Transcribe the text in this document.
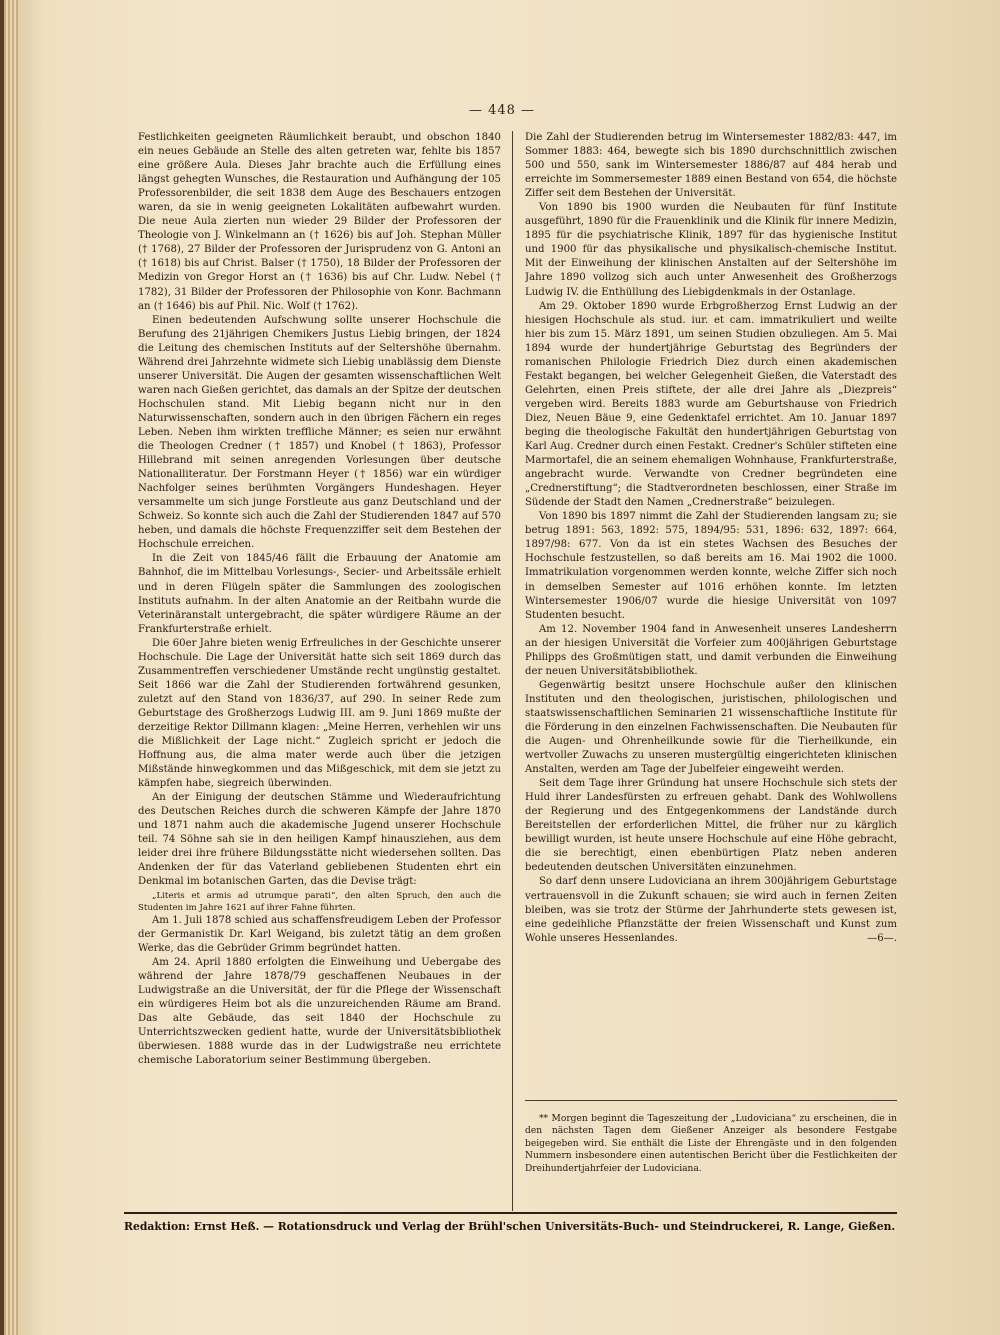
— 448 —

Festlichkeiten geeigneten Räumlichkeit beraubt, und obschon 1840 ein neues Gebäude an Stelle des alten getreten war, fehlte bis 1857 eine größere Aula. Dieses Jahr brachte auch die Erfüllung eines längst gehegten Wunsches, die Restauration und Aufhängung der 105 Professorenbilder, die seit 1838 dem Auge des Beschauers entzogen waren, da sie in wenig geeigneten Lokalitäten aufbewahrt wurden. Die neue Aula zierten nun wieder 29 Bilder der Professoren der Theologie von J. Winkelmann an († 1626) bis auf Joh. Stephan Müller († 1768), 27 Bilder der Professoren der Jurisprudenz von G. Antoni an († 1618) bis auf Christ. Balser († 1750), 18 Bilder der Professoren der Medizin von Gregor Horst an († 1636) bis auf Chr. Ludw. Nebel († 1782), 31 Bilder der Professoren der Philosophie von Konr. Bachmann an († 1646) bis auf Phil. Nic. Wolf († 1762).

Einen bedeutenden Aufschwung sollte unserer Hochschule die Berufung des 21jährigen Chemikers Justus Liebig bringen, der 1824 die Leitung des chemischen Instituts auf der Seltershöhe übernahm. Während drei Jahrzehnte widmete sich Liebig unablässig dem Dienste unserer Universität. Die Augen der gesamten wissenschaftlichen Welt waren nach Gießen gerichtet, das damals an der Spitze der deutschen Hochschulen stand. Mit Liebig begann nicht nur in den Naturwissenschaften, sondern auch in den übrigen Fächern ein reges Leben. Neben ihm wirkten treffliche Männer; es seien nur erwähnt die Theologen Credner († 1857) und Knobel († 1863), Professor Hillebrand mit seinen anregenden Vorlesungen über deutsche Nationalliteratur. Der Forstmann Heyer († 1856) war ein würdiger Nachfolger seines berühmten Vorgängers Hundeshagen. Heyer versammelte um sich junge Forstleute aus ganz Deutschland und der Schweiz. So konnte sich auch die Zahl der Studierenden 1847 auf 570 heben, und damals die höchste Frequenzziffer seit dem Bestehen der Hochschule erreichen.

In die Zeit von 1845/46 fällt die Erbauung der Anatomie am Bahnhof, die im Mittelbau Vorlesungs-, Secier- und Arbeitssäle erhielt und in deren Flügeln später die Sammlungen des zoologischen Instituts aufnahm. In der alten Anatomie an der Reitbahn wurde die Veterinäranstalt untergebracht, die später würdigere Räume an der Frankfurterstraße erhielt.

Die 60er Jahre bieten wenig Erfreuliches in der Geschichte unserer Hochschule. Die Lage der Universität hatte sich seit 1869 durch das Zusammentreffen verschiedener Umstände recht ungünstig gestaltet. Seit 1866 war die Zahl der Studierenden fortwährend gesunken, zuletzt auf den Stand von 1836/37, auf 290. In seiner Rede zum Geburtstage des Großherzogs Ludwig III. am 9. Juni 1869 mußte der derzeitige Rektor Dillmann klagen: „Meine Herren, verhehlen wir uns die Mißlichkeit der Lage nicht.“ Zugleich spricht er jedoch die Hoffnung aus, die alma mater werde auch über die jetzigen Mißstände hinwegkommen und das Mißgeschick, mit dem sie jetzt zu kämpfen habe, siegreich überwinden.

An der Einigung der deutschen Stämme und Wiederaufrichtung des Deutschen Reiches durch die schweren Kämpfe der Jahre 1870 und 1871 nahm auch die akademische Jugend unserer Hochschule teil. 74 Söhne sah sie in den heiligen Kampf hinausziehen, aus dem leider drei ihre frühere Bildungsstätte nicht wiedersehen sollten. Das Andenken der für das Vaterland gebliebenen Studenten ehrt ein Denkmal im botanischen Garten, das die Devise trägt:

„Literis et armis ad utrumque parati“, den alten Spruch, den auch die Studenten im Jahre 1621 auf ihrer Fahne führten.

Am 1. Juli 1878 schied aus schaffensfreudigem Leben der Professor der Germanistik Dr. Karl Weigand, bis zuletzt tätig an dem großen Werke, das die Gebrüder Grimm begründet hatten.

Am 24. April 1880 erfolgten die Einweihung und Uebergabe des während der Jahre 1878/79 geschaffenen Neubaues in der Ludwigstraße an die Universität, der für die Pflege der Wissenschaft ein würdigeres Heim bot als die unzureichenden Räume am Brand. Das alte Gebäude, das seit 1840 der Hochschule zu Unterrichtszwecken gedient hatte, wurde der Universitätsbibliothek überwiesen. 1888 wurde das in der Ludwigstraße neu errichtete chemische Laboratorium seiner Bestimmung übergeben.

Die Zahl der Studierenden betrug im Wintersemester 1882/83: 447, im Sommer 1883: 464, bewegte sich bis 1890 durchschnittlich zwischen 500 und 550, sank im Wintersemester 1886/87 auf 484 herab und erreichte im Sommersemester 1889 einen Bestand von 654, die höchste Ziffer seit dem Bestehen der Universität.

Von 1890 bis 1900 wurden die Neubauten für fünf Institute ausgeführt, 1890 für die Frauenklinik und die Klinik für innere Medizin, 1895 für die psychiatrische Klinik, 1897 für das hygienische Institut und 1900 für das physikalische und physikalisch-chemische Institut. Mit der Einweihung der klinischen Anstalten auf der Seltershöhe im Jahre 1890 vollzog sich auch unter Anwesenheit des Großherzogs Ludwig IV. die Enthüllung des Liebigdenkmals in der Ostanlage.

Am 29. Oktober 1890 wurde Erbgroßherzog Ernst Ludwig an der hiesigen Hochschule als stud. iur. et cam. immatrikuliert und weilte hier bis zum 15. März 1891, um seinen Studien obzuliegen. Am 5. Mai 1894 wurde der hundertjährige Geburtstag des Begründers der romanischen Philologie Friedrich Diez durch einen akademischen Festakt begangen, bei welcher Gelegenheit Gießen, die Vaterstadt des Gelehrten, einen Preis stiftete, der alle drei Jahre als „Diezpreis“ vergeben wird. Bereits 1883 wurde am Geburtshause von Friedrich Diez, Neuen Bäue 9, eine Gedenktafel errichtet. Am 10. Januar 1897 beging die theologische Fakultät den hundertjährigen Geburtstag von Karl Aug. Credner durch einen Festakt. Credner's Schüler stifteten eine Marmortafel, die an seinem ehemaligen Wohnhause, Frankfurterstraße, angebracht wurde. Verwandte von Credner begründeten eine „Crednerstiftung“; die Stadtverordneten beschlossen, einer Straße im Südende der Stadt den Namen „Crednerstraße“ beizulegen.

Von 1890 bis 1897 nimmt die Zahl der Studierenden langsam zu; sie betrug 1891: 563, 1892: 575, 1894/95: 531, 1896: 632, 1897: 664, 1897/98: 677. Von da ist ein stetes Wachsen des Besuches der Hochschule festzustellen, so daß bereits am 16. Mai 1902 die 1000. Immatrikulation vorgenommen werden konnte, welche Ziffer sich noch in demselben Semester auf 1016 erhöhen konnte. Im letzten Wintersemester 1906/07 wurde die hiesige Universität von 1097 Studenten besucht.

Am 12. November 1904 fand in Anwesenheit unseres Landesherrn an der hiesigen Universität die Vorfeier zum 400jährigen Geburtstage Philipps des Großmütigen statt, und damit verbunden die Einweihung der neuen Universitätsbibliothek.

Gegenwärtig besitzt unsere Hochschule außer den klinischen Instituten und den theologischen, juristischen, philologischen und staatswissenschaftlichen Seminarien 21 wissenschaftliche Institute für die Förderung in den einzelnen Fachwissenschaften. Die Neubauten für die Augen- und Ohrenheilkunde sowie für die Tierheilkunde, ein wertvoller Zuwachs zu unseren mustergültig eingerichteten klinischen Anstalten, werden am Tage der Jubelfeier eingeweiht werden.

Seit dem Tage ihrer Gründung hat unsere Hochschule sich stets der Huld ihrer Landesfürsten zu erfreuen gehabt. Dank des Wohlwollens der Regierung und des Entgegenkommens der Landstände durch Bereitstellen der erforderlichen Mittel, die früher nur zu kärglich bewilligt wurden, ist heute unsere Hochschule auf eine Höhe gebracht, die sie berechtigt, einen ebenbürtigen Platz neben anderen bedeutenden deutschen Universitäten einzunehmen.

So darf denn unsere Ludoviciana an ihrem 300jährigem Geburtstage vertrauensvoll in die Zukunft schauen; sie wird auch in fernen Zeiten bleiben, was sie trotz der Stürme der Jahrhunderte stets gewesen ist, eine gedeihliche Pflanzstätte der freien Wissenschaft und Kunst zum Wohle unseres Hessenlandes.	—6—.

** Morgen beginnt die Tageszeitung der „Ludoviciana“ zu erscheinen, die in den nächsten Tagen dem Gießener Anzeiger als besondere Festgabe beigegeben wird. Sie enthält die Liste der Ehrengäste und in den folgenden Nummern insbesondere einen autentischen Bericht über die Festlichkeiten der Dreihundertjahrfeier der Ludoviciana.
Redaktion: Ernst Heß. — Rotationsdruck und Verlag der Brühl'schen Universitäts-Buch- und Steindruckerei, R. Lange, Gießen.
